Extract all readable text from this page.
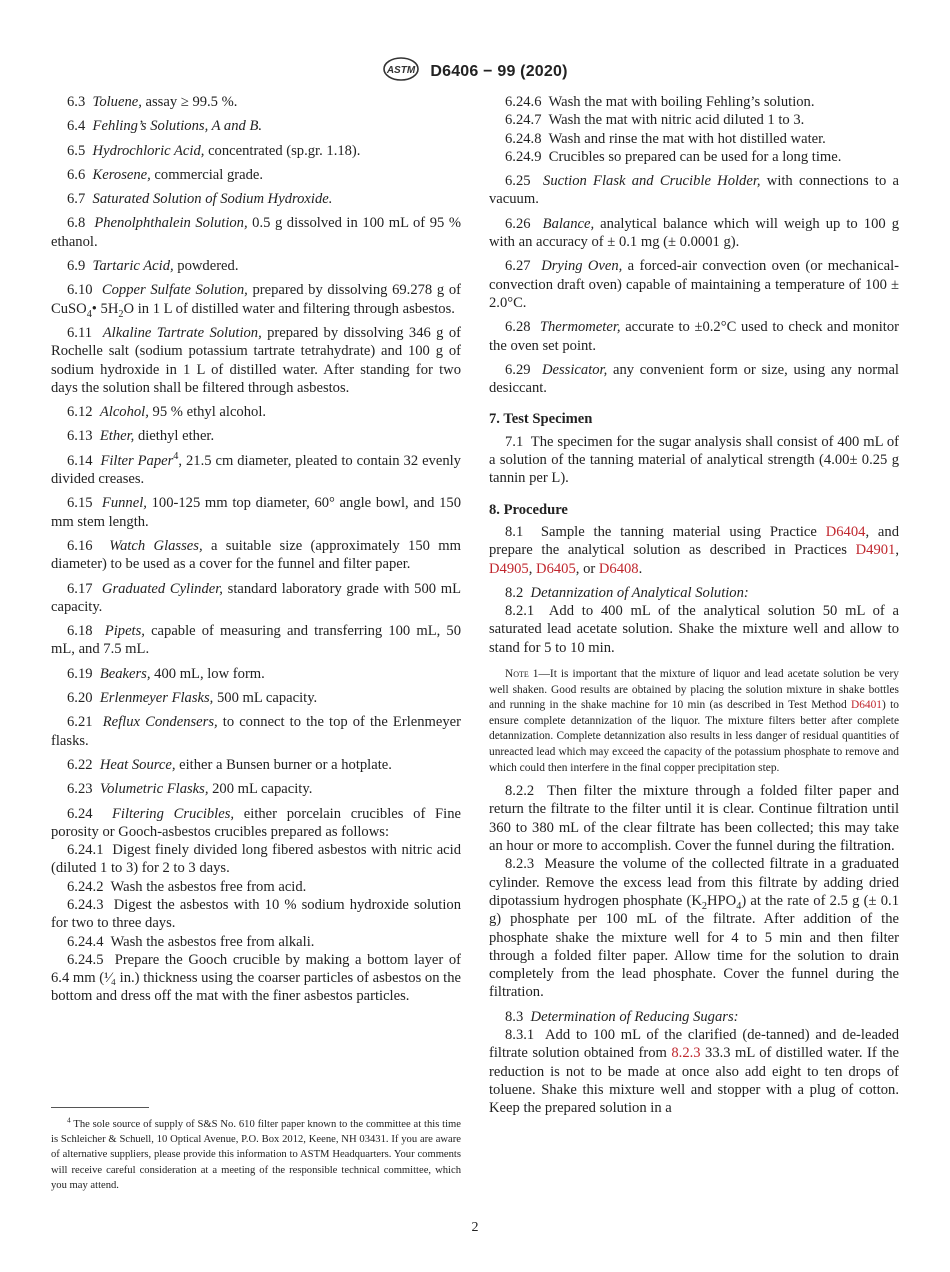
ASTM D6406 − 99 (2020)

6.3 Toluene, assay ≥ 99.5 %.

6.4 Fehling’s Solutions, A and B.

6.5 Hydrochloric Acid, concentrated (sp.gr. 1.18).

6.6 Kerosene, commercial grade.

6.7 Saturated Solution of Sodium Hydroxide.

6.8 Phenolphthalein Solution, 0.5 g dissolved in 100 mL of 95 % ethanol.

6.9 Tartaric Acid, powdered.

6.10 Copper Sulfate Solution, prepared by dissolving 69.278 g of CuSO$_4$• $5H_2O$ in 1 L of distilled water and filtering through asbestos.

6.11 Alkaline Tartrate Solution, prepared by dissolving 346 g of Rochelle salt (sodium potassium tartrate tetrahydrate) and 100 g of sodium hydroxide in 1 L of distilled water. After standing for two days the solution shall be filtered through asbestos.

6.12 Alcohol, 95 % ethyl alcohol.

6.13 Ether, diethyl ether.

6.14 Filter Paper$^4$, 21.5 cm diameter, pleated to contain 32 evenly divided creases.

6.15 Funnel, 100-125 mm top diameter, 60° angle bowl, and 150 mm stem length.

6.16 Watch Glasses, a suitable size (approximately 150 mm diameter) to be used as a cover for the funnel and filter paper.

6.17 Graduated Cylinder, standard laboratory grade with 500 mL capacity.

6.18 Pipets, capable of measuring and transferring 100 mL, 50 mL, and 7.5 mL.

6.19 Beakers, 400 mL, low form.

6.20 Erlenmeyer Flasks, 500 mL capacity.

6.21 Reflux Condensers, to connect to the top of the Erlenmeyer flasks.

6.22 Heat Source, either a Bunsen burner or a hotplate.

6.23 Volumetric Flasks, 200 mL capacity.

6.24 Filtering Crucibles, either porcelain crucibles of Fine porosity or Gooch-asbestos crucibles prepared as follows:

6.24.1 Digest finely divided long fibered asbestos with nitric acid (diluted 1 to 3) for 2 to 3 days.

6.24.2 Wash the asbestos free from acid.

6.24.3 Digest the asbestos with 10 % sodium hydroxide solution for two to three days.

6.24.4 Wash the asbestos free from alkali.

6.24.5 Prepare the Gooch crucible by making a bottom layer of 6.4 mm (¹⁄₄ in.) thickness using the coarser particles of asbestos on the bottom and dress off the mat with the finer asbestos particles.

$^4$ The sole source of supply of S&S No. 610 filter paper known to the committee at this time is Schleicher & Schuell, 10 Optical Avenue, P.O. Box 2012, Keene, NH 03431. If you are aware of alternative suppliers, please provide this information to ASTM Headquarters. Your comments will receive careful consideration at a meeting of the responsible technical committee, which you may attend.

6.24.6 Wash the mat with boiling Fehling’s solution.

6.24.7 Wash the mat with nitric acid diluted 1 to 3.

6.24.8 Wash and rinse the mat with hot distilled water.

6.24.9 Crucibles so prepared can be used for a long time.

6.25 Suction Flask and Crucible Holder, with connections to a vacuum.

6.26 Balance, analytical balance which will weigh up to 100 g with an accuracy of ± 0.1 mg (± 0.0001 g).

6.27 Drying Oven, a forced-air convection oven (or mechanical-convection draft oven) capable of maintaining a temperature of 100 ± 2.0°C.

6.28 Thermometer, accurate to ±0.2°C used to check and monitor the oven set point.

6.29 Dessicator, any convenient form or size, using any normal desiccant.

7. Test Specimen

7.1 The specimen for the sugar analysis shall consist of 400 mL of a solution of the tanning material of analytical strength (4.00± 0.25 g tannin per L).

8. Procedure

8.1 Sample the tanning material using Practice D6404, and prepare the analytical solution as described in Practices D4901, D4905, D6405, or D6408.

8.2 Detannization of Analytical Solution:

8.2.1 Add to 400 mL of the analytical solution 50 mL of a saturated lead acetate solution. Shake the mixture well and allow to stand for 5 to 10 min.

Note 1—It is important that the mixture of liquor and lead acetate solution be very well shaken. Good results are obtained by placing the solution mixture in shake bottles and running in the shake machine for 10 min (as described in Test Method D6401) to ensure complete detannization of the liquor. The mixture filters better after complete detannization. Complete detannization also results in less danger of residual quantities of unreacted lead which may exceed the capacity of the potassium phosphate to remove and which could then interfere in the final copper precipitation step.

8.2.2 Then filter the mixture through a folded filter paper and return the filtrate to the filter until it is clear. Continue filtration until 360 to 380 mL of the clear filtrate has been collected; this may take an hour or more to accomplish. Cover the funnel during the filtration.

8.2.3 Measure the volume of the collected filtrate in a graduated cylinder. Remove the excess lead from this filtrate by adding dried dipotassium hydrogen phosphate $(K_2HPO_4)$ at the rate of 2.5 g (± 0.1 g) phosphate per 100 mL of the filtrate. After addition of the phosphate shake the mixture well for 4 to 5 min and then filter through a folded filter paper. Allow time for the solution to drain completely from the lead phosphate. Cover the funnel during the filtration.

8.3 Determination of Reducing Sugars:

8.3.1 Add to 100 mL of the clarified (de-tanned) and de-leaded filtrate solution obtained from 8.2.3 33.3 mL of distilled water. If the reduction is not to be made at once also add eight to ten drops of toluene. Shake this mixture well and stopper with a plug of cotton. Keep the prepared solution in a

2
